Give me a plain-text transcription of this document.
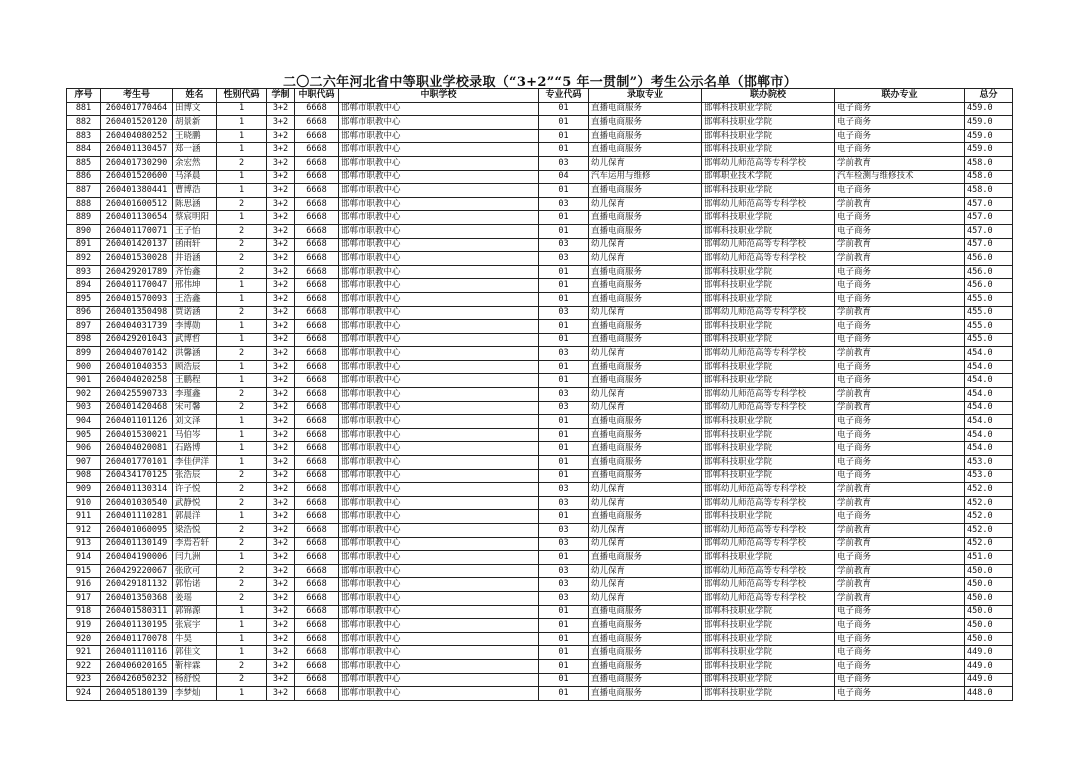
二〇二六年河北省中等职业学校录取（“3+2”“5 年一贯制”）考生公示名单（邯郸市）
序号	考生号	姓名	性别代码	学制	中职代码	中职学校	专业代码	录取专业	联办院校	联办专业	总分
881	260401770464	田博文	1	3+2	6668	邯郸市职教中心	01	直播电商服务	邯郸科技职业学院	电子商务	459.0
882	260401520120	胡景新	1	3+2	6668	邯郸市职教中心	01	直播电商服务	邯郸科技职业学院	电子商务	459.0
883	260404080252	王晓鹏	1	3+2	6668	邯郸市职教中心	01	直播电商服务	邯郸科技职业学院	电子商务	459.0
884	260401130457	郑一涵	1	3+2	6668	邯郸市职教中心	01	直播电商服务	邯郸科技职业学院	电子商务	459.0
885	260401730290	余宏然	2	3+2	6668	邯郸市职教中心	03	幼儿保育	邯郸幼儿师范高等专科学校	学前教育	458.0
886	260401520600	马泽晨	1	3+2	6668	邯郸市职教中心	04	汽车运用与维修	邯郸职业技术学院	汽车检测与维修技术	458.0
887	260401380441	曹博浩	1	3+2	6668	邯郸市职教中心	01	直播电商服务	邯郸科技职业学院	电子商务	458.0
888	260401600512	陈思涵	2	3+2	6668	邯郸市职教中心	03	幼儿保育	邯郸幼儿师范高等专科学校	学前教育	457.0
889	260401130654	蔡宸明阳	1	3+2	6668	邯郸市职教中心	01	直播电商服务	邯郸科技职业学院	电子商务	457.0
890	260401170071	王子怡	2	3+2	6668	邯郸市职教中心	01	直播电商服务	邯郸科技职业学院	电子商务	457.0
891	260401420137	函雨轩	2	3+2	6668	邯郸市职教中心	03	幼儿保育	邯郸幼儿师范高等专科学校	学前教育	457.0
892	260401530028	井语涵	2	3+2	6668	邯郸市职教中心	03	幼儿保育	邯郸幼儿师范高等专科学校	学前教育	456.0
893	260429201789	齐怡鑫	2	3+2	6668	邯郸市职教中心	01	直播电商服务	邯郸科技职业学院	电子商务	456.0
894	260401170047	邢伟坤	1	3+2	6668	邯郸市职教中心	01	直播电商服务	邯郸科技职业学院	电子商务	456.0
895	260401570093	王浩鑫	1	3+2	6668	邯郸市职教中心	01	直播电商服务	邯郸科技职业学院	电子商务	455.0
896	260401350498	贾诺涵	2	3+2	6668	邯郸市职教中心	03	幼儿保育	邯郸幼儿师范高等专科学校	学前教育	455.0
897	260404031739	李博勋	1	3+2	6668	邯郸市职教中心	01	直播电商服务	邯郸科技职业学院	电子商务	455.0
898	260429201043	武博哲	1	3+2	6668	邯郸市职教中心	01	直播电商服务	邯郸科技职业学院	电子商务	455.0
899	260404070142	洪馨涵	2	3+2	6668	邯郸市职教中心	03	幼儿保育	邯郸幼儿师范高等专科学校	学前教育	454.0
900	260401040353	顾浩辰	1	3+2	6668	邯郸市职教中心	01	直播电商服务	邯郸科技职业学院	电子商务	454.0
901	260404020258	王鹏程	1	3+2	6668	邯郸市职教中心	01	直播电商服务	邯郸科技职业学院	电子商务	454.0
902	260425590733	李瑾鑫	2	3+2	6668	邯郸市职教中心	03	幼儿保育	邯郸幼儿师范高等专科学校	学前教育	454.0
903	260401420468	宋可馨	2	3+2	6668	邯郸市职教中心	03	幼儿保育	邯郸幼儿师范高等专科学校	学前教育	454.0
904	260401101126	刘文泽	1	3+2	6668	邯郸市职教中心	01	直播电商服务	邯郸科技职业学院	电子商务	454.0
905	260401530021	马伯岑	1	3+2	6668	邯郸市职教中心	01	直播电商服务	邯郸科技职业学院	电子商务	454.0
906	260404020081	石路博	1	3+2	6668	邯郸市职教中心	01	直播电商服务	邯郸科技职业学院	电子商务	454.0
907	260401770101	李佳伊洋	1	3+2	6668	邯郸市职教中心	01	直播电商服务	邯郸科技职业学院	电子商务	453.0
908	260434170125	张浩辰	2	3+2	6668	邯郸市职教中心	01	直播电商服务	邯郸科技职业学院	电子商务	453.0
909	260401130314	许子悦	2	3+2	6668	邯郸市职教中心	03	幼儿保育	邯郸幼儿师范高等专科学校	学前教育	452.0
910	260401030540	武静悦	2	3+2	6668	邯郸市职教中心	03	幼儿保育	邯郸幼儿师范高等专科学校	学前教育	452.0
911	260401110281	郭晨洋	1	3+2	6668	邯郸市职教中心	01	直播电商服务	邯郸科技职业学院	电子商务	452.0
912	260401060095	梁浩悦	2	3+2	6668	邯郸市职教中心	03	幼儿保育	邯郸幼儿师范高等专科学校	学前教育	452.0
913	260401130149	李焉若轩	2	3+2	6668	邯郸市职教中心	03	幼儿保育	邯郸幼儿师范高等专科学校	学前教育	452.0
914	260404190006	闫九洲	1	3+2	6668	邯郸市职教中心	01	直播电商服务	邯郸科技职业学院	电子商务	451.0
915	260429220067	张欣可	2	3+2	6668	邯郸市职教中心	03	幼儿保育	邯郸幼儿师范高等专科学校	学前教育	450.0
916	260429181132	郭怡诺	2	3+2	6668	邯郸市职教中心	03	幼儿保育	邯郸幼儿师范高等专科学校	学前教育	450.0
917	260401350368	姜瑶	2	3+2	6668	邯郸市职教中心	03	幼儿保育	邯郸幼儿师范高等专科学校	学前教育	450.0
918	260401580311	郭锦源	1	3+2	6668	邯郸市职教中心	01	直播电商服务	邯郸科技职业学院	电子商务	450.0
919	260401130195	张宸宇	1	3+2	6668	邯郸市职教中心	01	直播电商服务	邯郸科技职业学院	电子商务	450.0
920	260401170078	牛昊	1	3+2	6668	邯郸市职教中心	01	直播电商服务	邯郸科技职业学院	电子商务	450.0
921	260401110116	郭佳文	1	3+2	6668	邯郸市职教中心	01	直播电商服务	邯郸科技职业学院	电子商务	449.0
922	260406020165	靳梓霖	2	3+2	6668	邯郸市职教中心	01	直播电商服务	邯郸科技职业学院	电子商务	449.0
923	260426050232	杨舒悦	2	3+2	6668	邯郸市职教中心	01	直播电商服务	邯郸科技职业学院	电子商务	449.0
924	260405180139	李梦灿	1	3+2	6668	邯郸市职教中心	01	直播电商服务	邯郸科技职业学院	电子商务	448.0
